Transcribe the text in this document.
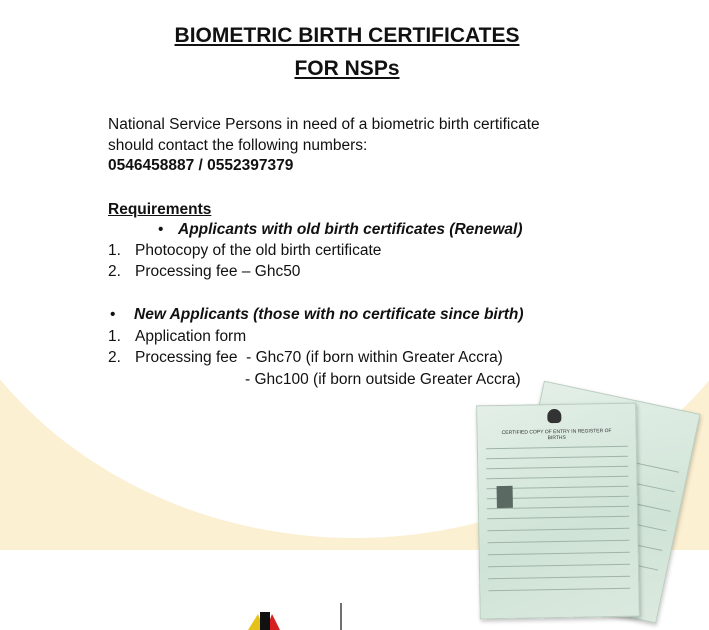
BIOMETRIC BIRTH CERTIFICATES
FOR NSPs
National Service Persons in need of a biometric birth certificate
should contact the following numbers:
0546458887 / 0552397379
Requirements
• Applicants with old birth certificates (Renewal)
1. Photocopy of the old birth certificate
2. Processing fee – Ghc50
• New Applicants (those with no certificate since birth)
1. Application form
2. Processing fee  - Ghc70 (if born within Greater Accra)
- Ghc100 (if born outside Greater Accra)
CERTIFIED COPY OF ENTRY IN REGISTER OF BIRTHS
